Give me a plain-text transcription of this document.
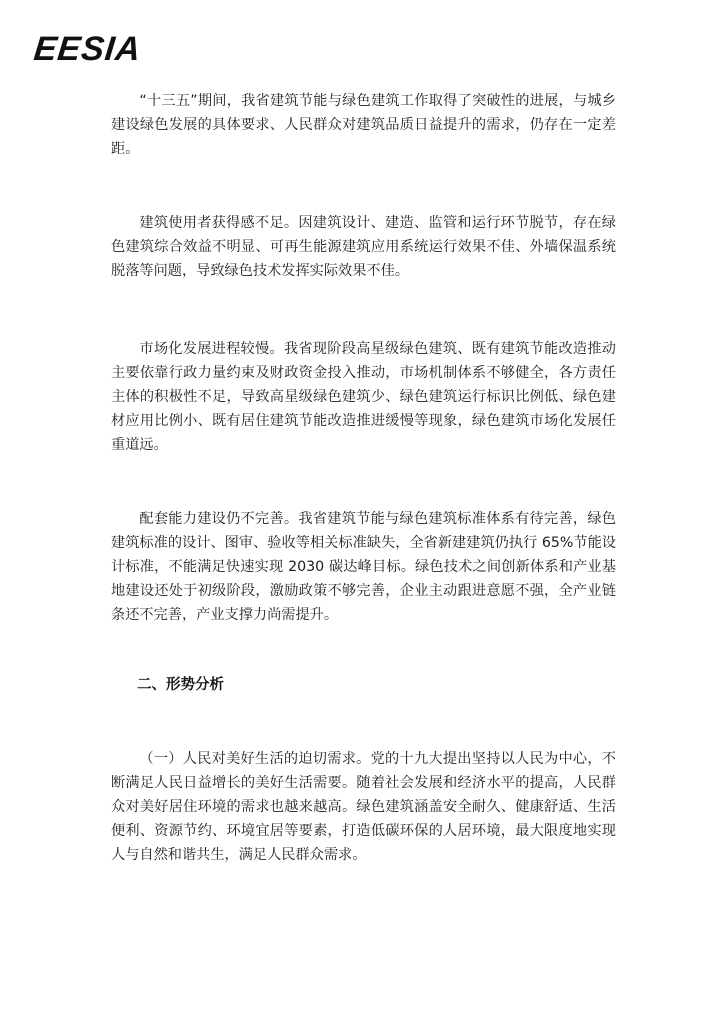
EESIA

“十三五”期间，我省建筑节能与绿色建筑工作取得了突破性的进展，与城乡建设绿色发展的具体要求、人民群众对建筑品质日益提升的需求，仍存在一定差距。

建筑使用者获得感不足。因建筑设计、建造、监管和运行环节脱节，存在绿色建筑综合效益不明显、可再生能源建筑应用系统运行效果不佳、外墙保温系统脱落等问题，导致绿色技术发挥实际效果不佳。

市场化发展进程较慢。我省现阶段高星级绿色建筑、既有建筑节能改造推动主要依靠行政力量约束及财政资金投入推动，市场机制体系不够健全，各方责任主体的积极性不足，导致高星级绿色建筑少、绿色建筑运行标识比例低、绿色建材应用比例小、既有居住建筑节能改造推进缓慢等现象，绿色建筑市场化发展任重道远。

配套能力建设仍不完善。我省建筑节能与绿色建筑标准体系有待完善，绿色建筑标准的设计、图审、验收等相关标准缺失，全省新建建筑仍执行 65%节能设计标准，不能满足快速实现 2030 碳达峰目标。绿色技术之间创新体系和产业基地建设还处于初级阶段，激励政策不够完善，企业主动跟进意愿不强，全产业链条还不完善，产业支撑力尚需提升。

二、形势分析

（一）人民对美好生活的迫切需求。党的十九大提出坚持以人民为中心，不断满足人民日益增长的美好生活需要。随着社会发展和经济水平的提高，人民群众对美好居住环境的需求也越来越高。绿色建筑涵盖安全耐久、健康舒适、生活便利、资源节约、环境宜居等要素，打造低碳环保的人居环境，最大限度地实现人与自然和谐共生，满足人民群众需求。
